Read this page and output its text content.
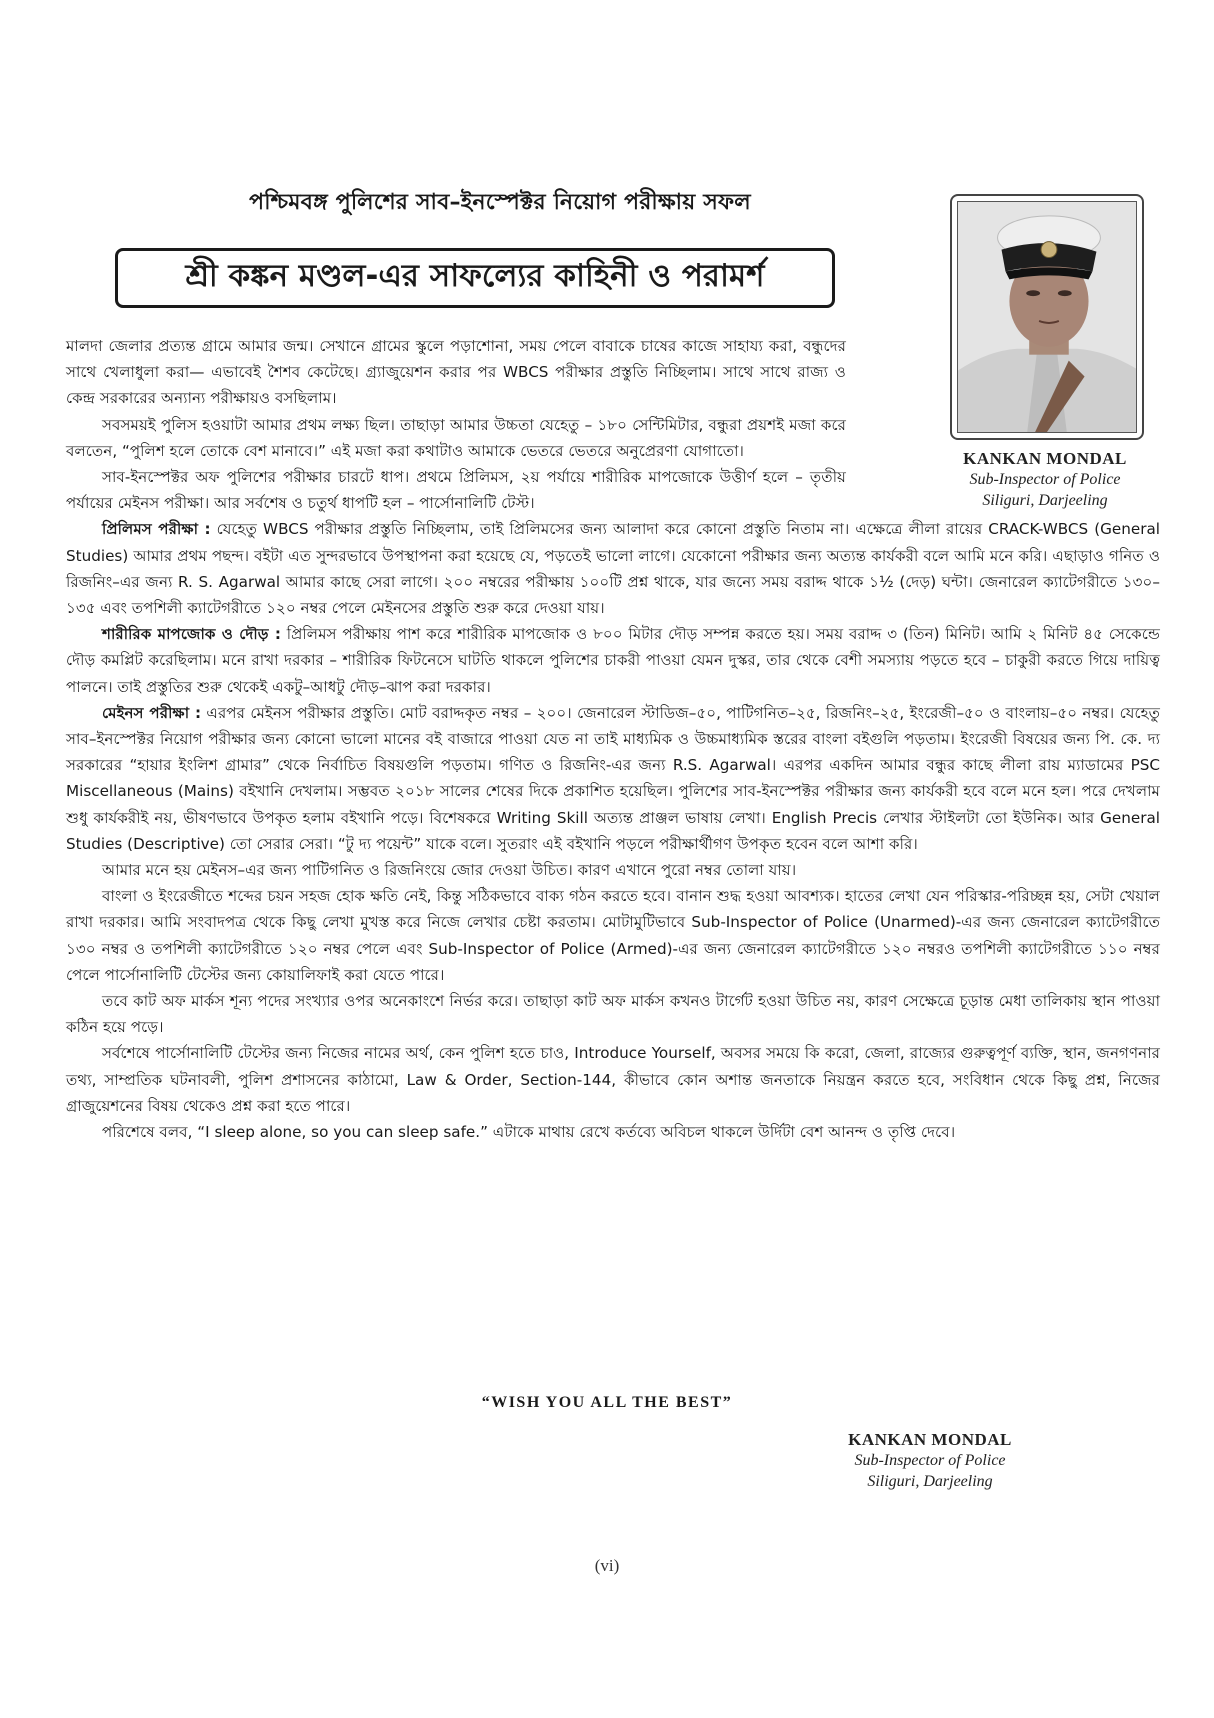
পশ্চিমবঙ্গ পুলিশের সাব–ইনস্পেক্টর নিয়োগ পরীক্ষায় সফল
শ্রী কঙ্কন মণ্ডল-এর সাফল্যের কাহিনী ও পরামর্শ
KANKAN MONDAL
Sub-Inspector of Police
Siliguri, Darjeeling

মালদা জেলার প্রত্যন্ত গ্রামে আমার জন্ম। সেখানে গ্রামের স্কুলে পড়াশোনা, সময় পেলে বাবাকে চাষের কাজে সাহায্য করা, বন্ধুদের সাথে খেলাধুলা করা— এভাবেই শৈশব কেটেছে। গ্র্যাজুয়েশন করার পর WBCS পরীক্ষার প্রস্তুতি নিচ্ছিলাম। সাথে সাথে রাজ্য ও কেন্দ্র সরকারের অন্যান্য পরীক্ষায়ও বসছিলাম।

সবসময়ই পুলিস হওয়াটা আমার প্রথম লক্ষ্য ছিল। তাছাড়া আমার উচ্চতা যেহেতু – ১৮০ সেন্টিমিটার, বন্ধুরা প্রয়শই মজা করে বলতেন, “পুলিশ হলে তোকে বেশ মানাবে।” এই মজা করা কথাটাও আমাকে ভেতরে ভেতরে অনুপ্রেরণা যোগাতো।

সাব-ইনস্পেক্টর অফ পুলিশের পরীক্ষার চারটে ধাপ। প্রথমে প্রিলিমস, ২য় পর্যায়ে শারীরিক মাপজোকে উত্তীর্ণ হলে – তৃতীয় পর্যায়ের মেইনস পরীক্ষা। আর সর্বশেষ ও চতুর্থ ধাপটি হল – পার্সোনালিটি টেস্ট।

প্রিলিমস পরীক্ষা : যেহেতু WBCS পরীক্ষার প্রস্তুতি নিচ্ছিলাম, তাই প্রিলিমসের জন্য আলাদা করে কোনো প্রস্তুতি নিতাম না। এক্ষেত্রে লীলা রায়ের CRACK-WBCS (General Studies) আমার প্রথম পছন্দ। বইটা এত সুন্দরভাবে উপস্থাপনা করা হয়েছে যে, পড়তেই ভালো লাগে। যেকোনো পরীক্ষার জন্য অত্যন্ত কার্যকরী বলে আমি মনে করি। এছাড়াও গনিত ও রিজনিং–এর জন্য R. S. Agarwal আমার কাছে সেরা লাগে। ২০০ নম্বরের পরীক্ষায় ১০০টি প্রশ্ন থাকে, যার জন্যে সময় বরাদ্দ থাকে ১½ (দেড়) ঘন্টা। জেনারেল ক্যাটেগরীতে ১৩০–১৩৫ এবং তপশিলী ক্যাটেগরীতে ১২০ নম্বর পেলে মেইনসের প্রস্তুতি শুরু করে দেওয়া যায়।

শারীরিক মাপজোক ও দৌড় : প্রিলিমস পরীক্ষায় পাশ করে শারীরিক মাপজোক ও ৮০০ মিটার দৌড় সম্পন্ন করতে হয়। সময় বরাদ্দ ৩ (তিন) মিনিট। আমি ২ মিনিট ৪৫ সেকেন্ডে দৌড় কমপ্লিট করেছিলাম। মনে রাখা দরকার – শারীরিক ফিটনেসে ঘাটতি থাকলে পুলিশের চাকরী পাওয়া যেমন দুস্কর, তার থেকে বেশী সমস্যায় পড়তে হবে – চাকুরী করতে গিয়ে দায়িত্ব পালনে। তাই প্রস্তুতির শুরু থেকেই একটু–আধটু দৌড়–ঝাপ করা দরকার।

মেইনস পরীক্ষা : এরপর মেইনস পরীক্ষার প্রস্তুতি। মোট বরাদ্দকৃত নম্বর – ২০০। জেনারেল স্টাডিজ–৫০, পাটিগনিত–২৫, রিজনিং–২৫, ইংরেজী–৫০ ও বাংলায়–৫০ নম্বর। যেহেতু সাব–ইনস্পেক্টর নিয়োগ পরীক্ষার জন্য কোনো ভালো মানের বই বাজারে পাওয়া যেত না তাই মাধ্যমিক ও উচ্চমাধ্যমিক স্তরের বাংলা বইগুলি পড়তাম। ইংরেজী বিষয়ের জন্য পি. কে. দ্য সরকারের “হায়ার ইংলিশ গ্রামার” থেকে নির্বাচিত বিষয়গুলি পড়তাম। গণিত ও রিজনিং-এর জন্য R.S. Agarwal। এরপর একদিন আমার বন্ধুর কাছে লীলা রায় ম্যাডামের PSC Miscellaneous (Mains) বইখানি দেখলাম। সম্ভবত ২০১৮ সালের শেষের দিকে প্রকাশিত হয়েছিল। পুলিশের সাব-ইনস্পেক্টর পরীক্ষার জন্য কার্যকরী হবে বলে মনে হল। পরে দেখলাম শুধু কার্যকরীই নয়, ভীষণভাবে উপকৃত হলাম বইখানি পড়ে। বিশেষকরে Writing Skill অত্যন্ত প্রাঞ্জল ভাষায় লেখা। English Precis লেখার স্টাইলটা তো ইউনিক। আর General Studies (Descriptive) তো সেরার সেরা। “টু দ্য পয়েন্ট” যাকে বলে। সুতরাং এই বইখানি পড়লে পরীক্ষার্থীগণ উপকৃত হবেন বলে আশা করি।

আমার মনে হয় মেইনস–এর জন্য পাটিগনিত ও রিজনিংয়ে জোর দেওয়া উচিত। কারণ এখানে পুরো নম্বর তোলা যায়।

বাংলা ও ইংরেজীতে শব্দের চয়ন সহজ হোক ক্ষতি নেই, কিন্তু সঠিকভাবে বাক্য গঠন করতে হবে। বানান শুদ্ধ হওয়া আবশ্যক। হাতের লেখা যেন পরিস্কার-পরিচ্ছন্ন হয়, সেটা খেয়াল রাখা দরকার। আমি সংবাদপত্র থেকে কিছু লেখা মুখস্ত করে নিজে লেখার চেষ্টা করতাম। মোটামুটিভাবে Sub-Inspector of Police (Unarmed)-এর জন্য জেনারেল ক্যাটেগরীতে ১৩০ নম্বর ও তপশিলী ক্যাটেগরীতে ১২০ নম্বর পেলে এবং Sub-Inspector of Police (Armed)-এর জন্য জেনারেল ক্যাটেগরীতে ১২০ নম্বরও তপশিলী ক্যাটেগরীতে ১১০ নম্বর পেলে পার্সোনালিটি টেস্টের জন্য কোয়ালিফাই করা যেতে পারে।

তবে কাট অফ মার্কস শূন্য পদের সংখ্যার ওপর অনেকাংশে নির্ভর করে। তাছাড়া কাট অফ মার্কস কখনও টার্গেট হওয়া উচিত নয়, কারণ সেক্ষেত্রে চূড়ান্ত মেধা তালিকায় স্থান পাওয়া কঠিন হয়ে পড়ে।

সর্বশেষে পার্সোনালিটি টেস্টের জন্য নিজের নামের অর্থ, কেন পুলিশ হতে চাও, Introduce Yourself, অবসর সময়ে কি করো, জেলা, রাজ্যের গুরুত্বপূর্ণ ব্যক্তি, স্থান, জনগণনার তথ্য, সাম্প্রতিক ঘটনাবলী, পুলিশ প্রশাসনের কাঠামো, Law & Order, Section-144, কীভাবে কোন অশান্ত জনতাকে নিয়ন্ত্রন করতে হবে, সংবিধান থেকে কিছু প্রশ্ন, নিজের গ্রাজুয়েশনের বিষয় থেকেও প্রশ্ন করা হতে পারে।

পরিশেষে বলব, “I sleep alone, so you can sleep safe.” এটাকে মাথায় রেখে কর্তব্যে অবিচল থাকলে উর্দিটা বেশ আনন্দ ও তৃপ্তি দেবে।

“WISH YOU ALL THE BEST”
KANKAN MONDAL
Sub-Inspector of Police
Siliguri, Darjeeling
(vi)
